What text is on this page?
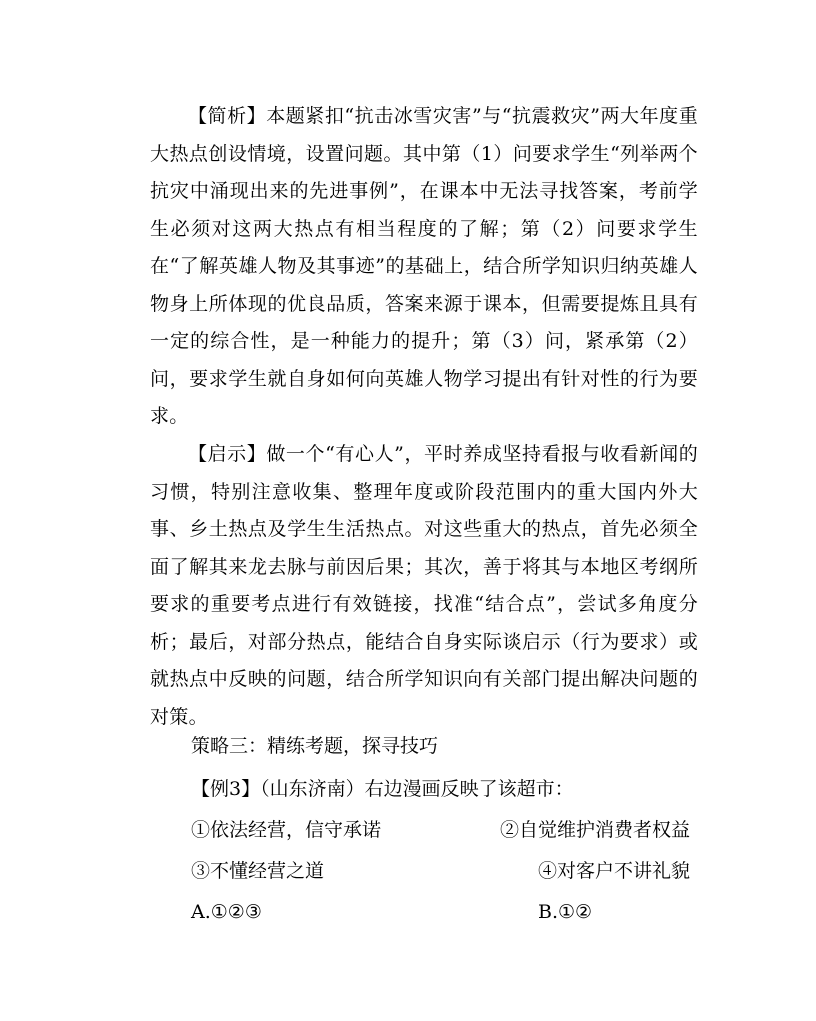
【简析】本题紧扣“抗击冰雪灾害”与“抗震救灾”两大年度重大热点创设情境，设置问题。其中第（1）问要求学生“列举两个抗灾中涌现出来的先进事例”，在课本中无法寻找答案，考前学生必须对这两大热点有相当程度的了解；第（2）问要求学生在“了解英雄人物及其事迹”的基础上，结合所学知识归纳英雄人物身上所体现的优良品质，答案来源于课本，但需要提炼且具有一定的综合性，是一种能力的提升；第（3）问，紧承第（2）问，要求学生就自身如何向英雄人物学习提出有针对性的行为要求。

【启示】做一个“有心人”，平时养成坚持看报与收看新闻的习惯，特别注意收集、整理年度或阶段范围内的重大国内外大事、乡土热点及学生生活热点。对这些重大的热点，首先必须全面了解其来龙去脉与前因后果；其次，善于将其与本地区考纲所要求的重要考点进行有效链接，找准“结合点”，尝试多角度分析；最后，对部分热点，能结合自身实际谈启示（行为要求）或就热点中反映的问题，结合所学知识向有关部门提出解决问题的对策。

策略三：精练考题，探寻技巧
【例3】（山东济南）右边漫画反映了该超市：
①依法经营，信守承诺	②自觉维护消费者权益
③不懂经营之道	④对客户不讲礼貌
A.①②③	B.①②
